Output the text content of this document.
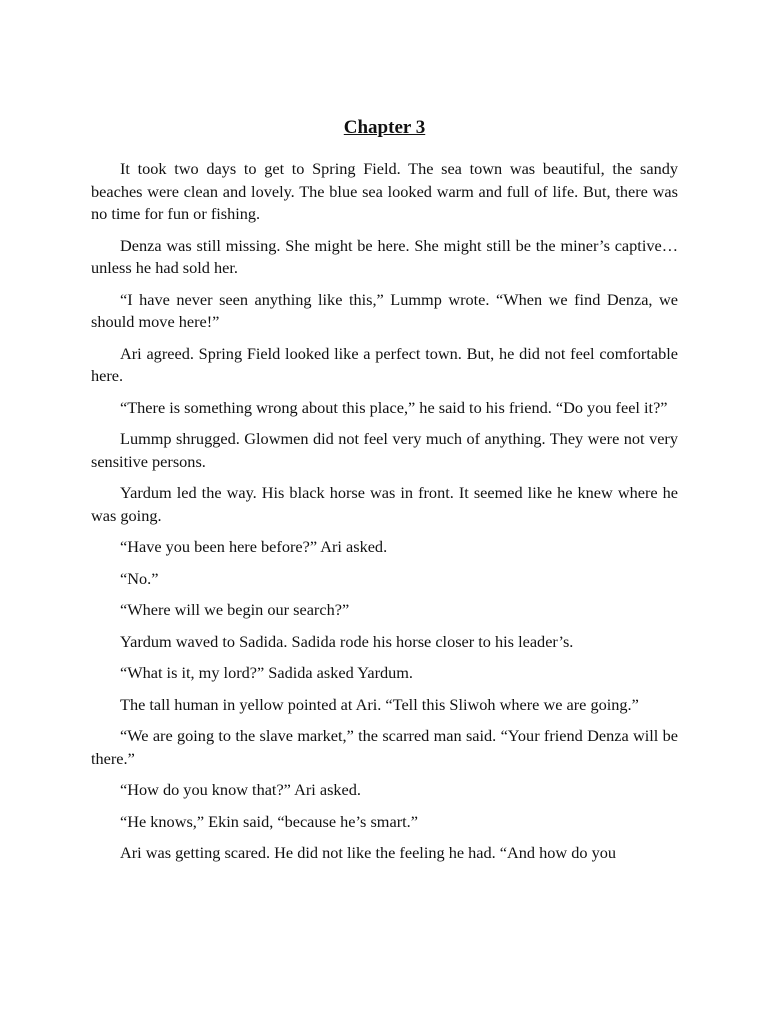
Chapter 3

It took two days to get to Spring Field. The sea town was beautiful, the sandy beaches were clean and lovely. The blue sea looked warm and full of life. But, there was no time for fun or fishing.

Denza was still missing. She might be here. She might still be the miner’s captive…unless he had sold her.

“I have never seen anything like this,” Lummp wrote. “When we find Denza, we should move here!”

Ari agreed. Spring Field looked like a perfect town. But, he did not feel comfortable here.

“There is something wrong about this place,” he said to his friend. “Do you feel it?”

Lummp shrugged. Glowmen did not feel very much of anything. They were not very sensitive persons.

Yardum led the way. His black horse was in front. It seemed like he knew where he was going.

“Have you been here before?” Ari asked.

“No.”

“Where will we begin our search?”

Yardum waved to Sadida. Sadida rode his horse closer to his leader’s.

“What is it, my lord?” Sadida asked Yardum.

The tall human in yellow pointed at Ari. “Tell this Sliwoh where we are going.”

“We are going to the slave market,” the scarred man said. “Your friend Denza will be there.”

“How do you know that?” Ari asked.

“He knows,” Ekin said, “because he’s smart.”

Ari was getting scared. He did not like the feeling he had. “And how do you
